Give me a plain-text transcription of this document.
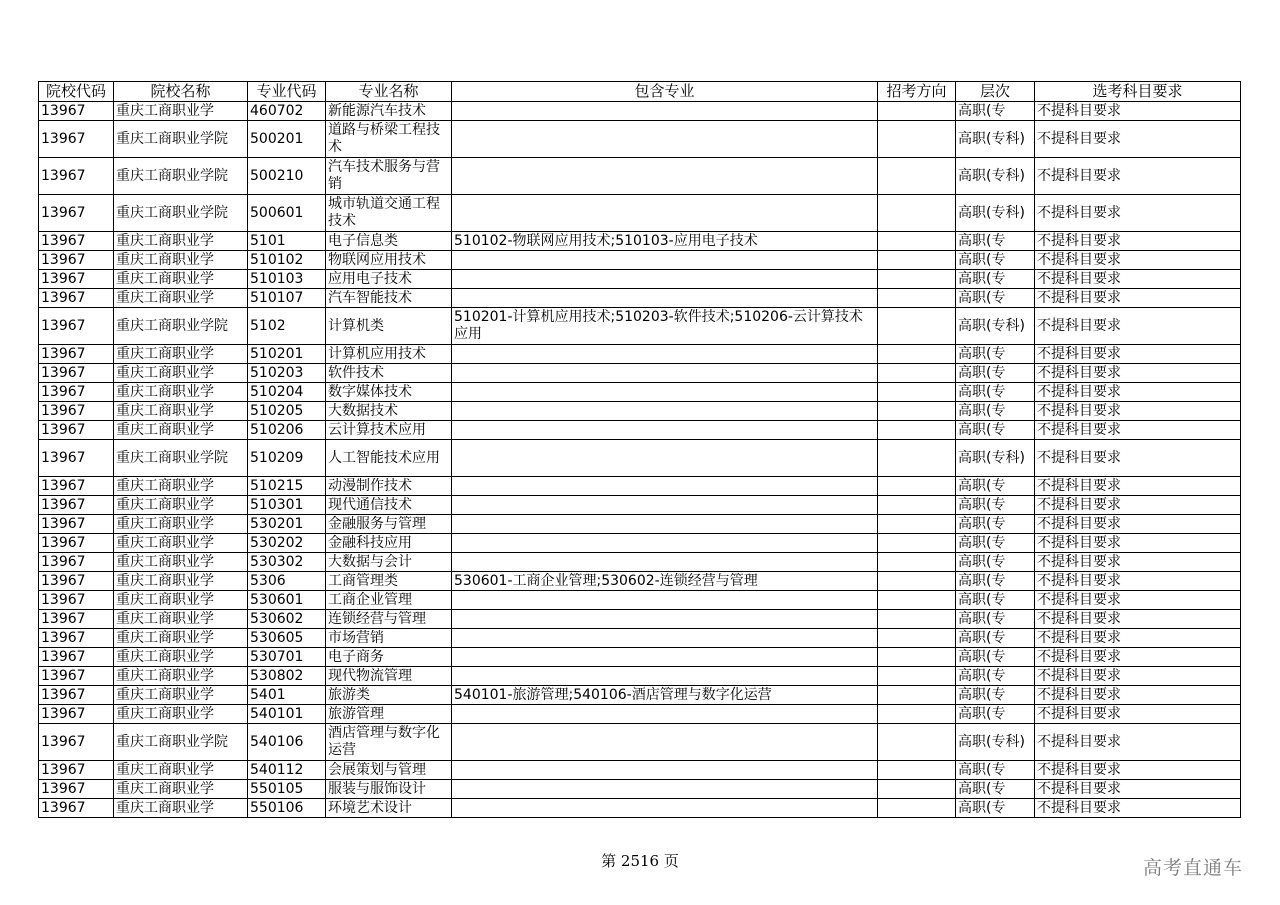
院校代码	院校名称	专业代码	专业名称	包含专业	招考方向	层次	选考科目要求
13967	重庆工商职业学	460702	新能源汽车技术			高职(专	不提科目要求
13967	重庆工商职业学院	500201	道路与桥梁工程技术			高职(专科)	不提科目要求
13967	重庆工商职业学院	500210	汽车技术服务与营销			高职(专科)	不提科目要求
13967	重庆工商职业学院	500601	城市轨道交通工程技术			高职(专科)	不提科目要求
13967	重庆工商职业学	5101	电子信息类	510102-物联网应用技术;510103-应用电子技术		高职(专	不提科目要求
13967	重庆工商职业学	510102	物联网应用技术			高职(专	不提科目要求
13967	重庆工商职业学	510103	应用电子技术			高职(专	不提科目要求
13967	重庆工商职业学	510107	汽车智能技术			高职(专	不提科目要求
13967	重庆工商职业学院	5102	计算机类	510201-计算机应用技术;510203-软件技术;510206-云计算技术应用		高职(专科)	不提科目要求
13967	重庆工商职业学	510201	计算机应用技术			高职(专	不提科目要求
13967	重庆工商职业学	510203	软件技术			高职(专	不提科目要求
13967	重庆工商职业学	510204	数字媒体技术			高职(专	不提科目要求
13967	重庆工商职业学	510205	大数据技术			高职(专	不提科目要求
13967	重庆工商职业学	510206	云计算技术应用			高职(专	不提科目要求
13967	重庆工商职业学院	510209	人工智能技术应用			高职(专科)	不提科目要求
13967	重庆工商职业学	510215	动漫制作技术			高职(专	不提科目要求
13967	重庆工商职业学	510301	现代通信技术			高职(专	不提科目要求
13967	重庆工商职业学	530201	金融服务与管理			高职(专	不提科目要求
13967	重庆工商职业学	530202	金融科技应用			高职(专	不提科目要求
13967	重庆工商职业学	530302	大数据与会计			高职(专	不提科目要求
13967	重庆工商职业学	5306	工商管理类	530601-工商企业管理;530602-连锁经营与管理		高职(专	不提科目要求
13967	重庆工商职业学	530601	工商企业管理			高职(专	不提科目要求
13967	重庆工商职业学	530602	连锁经营与管理			高职(专	不提科目要求
13967	重庆工商职业学	530605	市场营销			高职(专	不提科目要求
13967	重庆工商职业学	530701	电子商务			高职(专	不提科目要求
13967	重庆工商职业学	530802	现代物流管理			高职(专	不提科目要求
13967	重庆工商职业学	5401	旅游类	540101-旅游管理;540106-酒店管理与数字化运营		高职(专	不提科目要求
13967	重庆工商职业学	540101	旅游管理			高职(专	不提科目要求
13967	重庆工商职业学院	540106	酒店管理与数字化运营			高职(专科)	不提科目要求
13967	重庆工商职业学	540112	会展策划与管理			高职(专	不提科目要求
13967	重庆工商职业学	550105	服装与服饰设计			高职(专	不提科目要求
13967	重庆工商职业学	550106	环境艺术设计			高职(专	不提科目要求
第 2516 页	高考直通车
